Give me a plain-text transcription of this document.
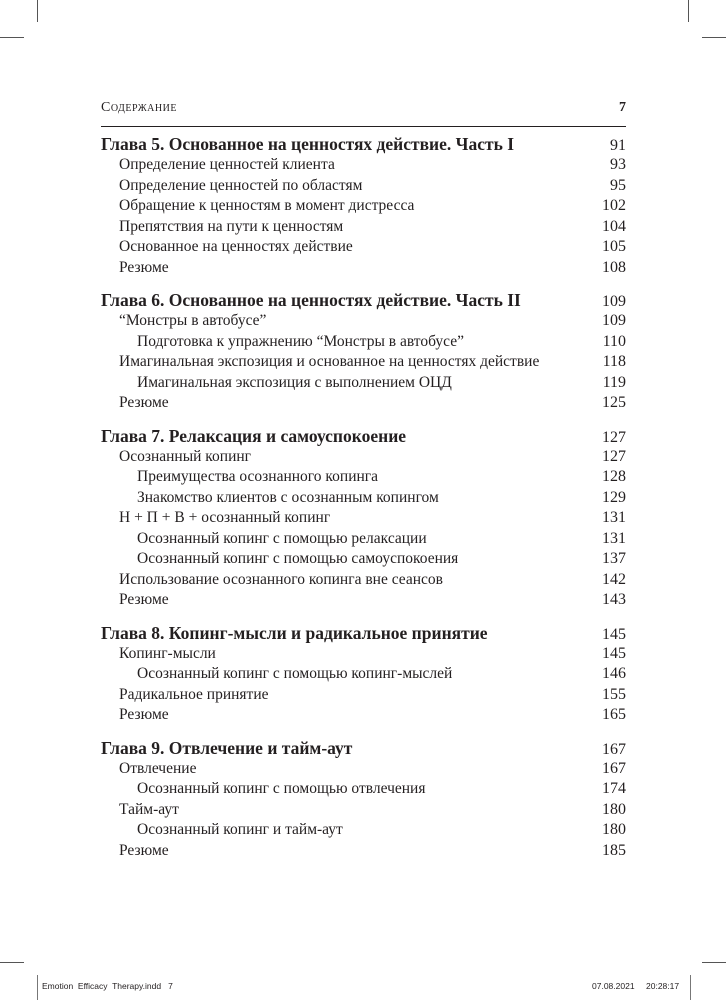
Содержание	7
Глава 5. Основанное на ценностях действие. Часть I	91
Определение ценностей клиента	93
Определение ценностей по областям	95
Обращение к ценностям в момент дистресса	102
Препятствия на пути к ценностям	104
Основанное на ценностях действие	105
Резюме	108
Глава 6. Основанное на ценностях действие. Часть II	109
“Монстры в автобусе”	109
Подготовка к упражнению “Монстры в автобусе”	110
Имагинальная экспозиция и основанное на ценностях действие	118
Имагинальная экспозиция с выполнением ОЦД	119
Резюме	125
Глава 7. Релаксация и самоуспокоение	127
Осознанный копинг	127
Преимущества осознанного копинга	128
Знакомство клиентов с осознанным копингом	129
Н + П + В + осознанный копинг	131
Осознанный копинг с помощью релаксации	131
Осознанный копинг с помощью самоуспокоения	137
Использование осознанного копинга вне сеансов	142
Резюме	143
Глава 8. Копинг-мысли и радикальное принятие	145
Копинг-мысли	145
Осознанный копинг с помощью копинг-мыслей	146
Радикальное принятие	155
Резюме	165
Глава 9. Отвлечение и тайм-аут	167
Отвлечение	167
Осознанный копинг с помощью отвлечения	174
Тайм-аут	180
Осознанный копинг и тайм-аут	180
Резюме	185
Emotion  Efficacy  Therapy.indd   7	07.08.2021 20:28:17
